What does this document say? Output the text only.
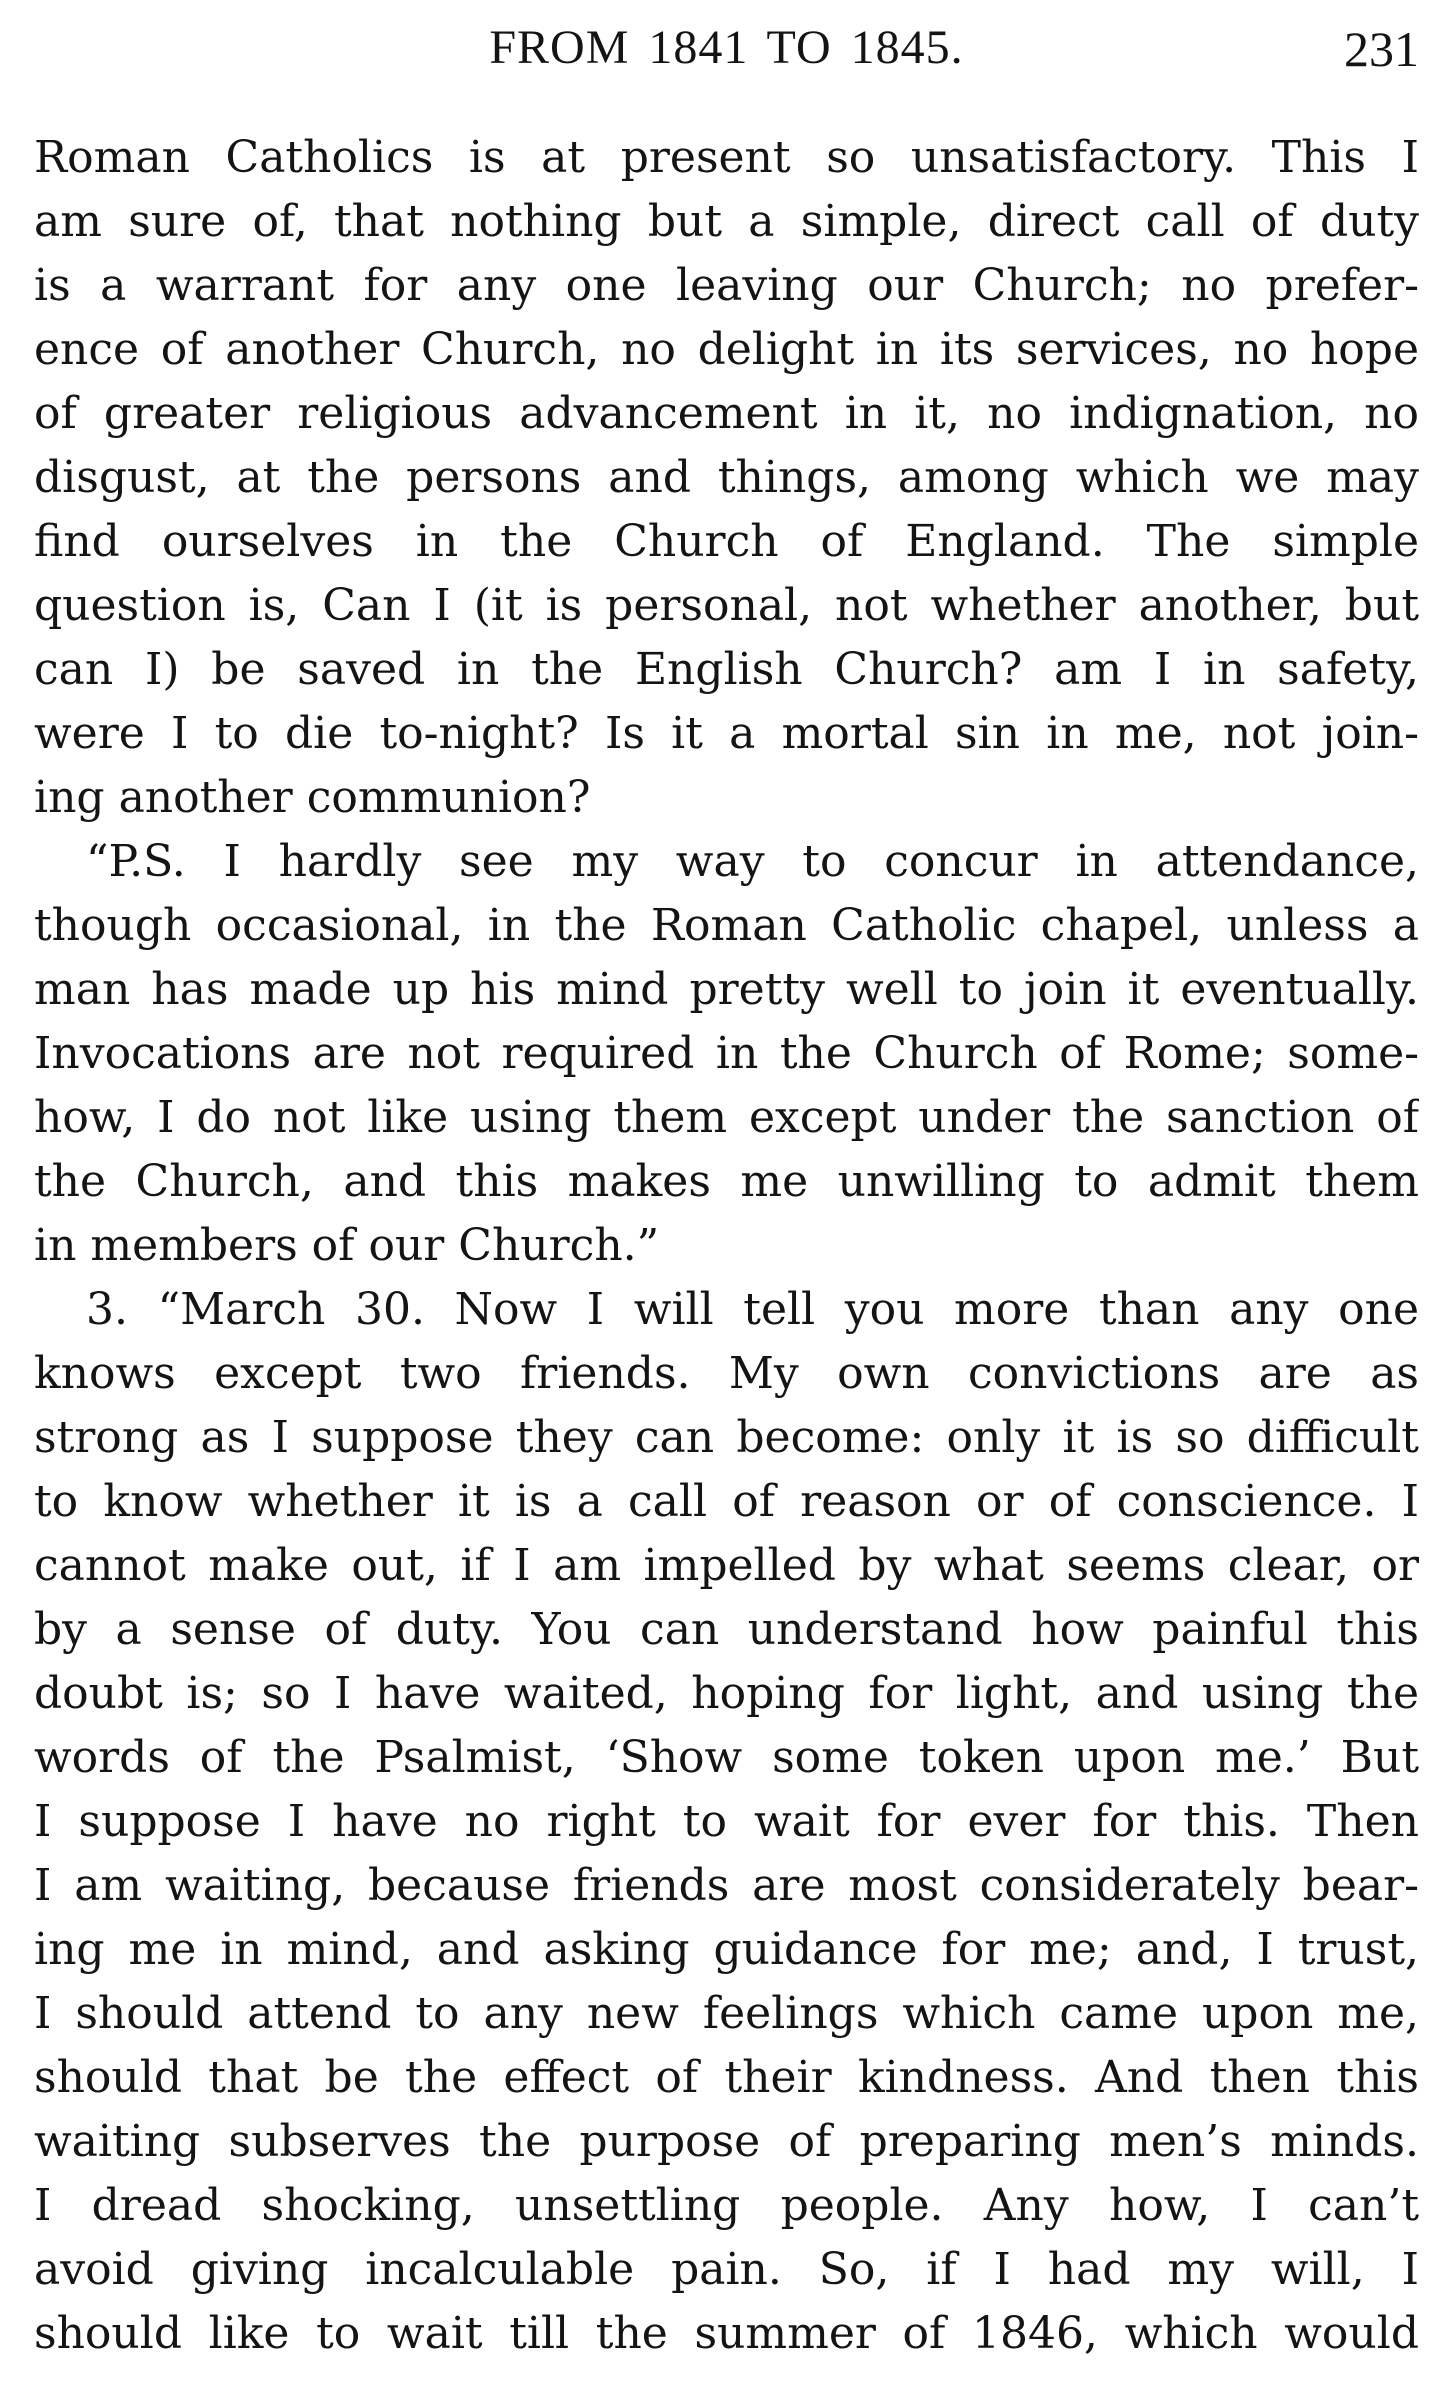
FROM 1841 TO 1845.	231
Roman Catholics is at present so unsatisfactory. This I
am sure of, that nothing but a simple, direct call of duty
is a warrant for any one leaving our Church; no prefer-
ence of another Church, no delight in its services, no hope
of greater religious advancement in it, no indignation, no
disgust, at the persons and things, among which we may
find ourselves in the Church of England. The simple
question is, Can I (it is personal, not whether another, but
can I) be saved in the English Church? am I in safety,
were I to die to-night? Is it a mortal sin in me, not join-
ing another communion?
“P.S. I hardly see my way to concur in attendance,
though occasional, in the Roman Catholic chapel, unless a
man has made up his mind pretty well to join it eventually.
Invocations are not required in the Church of Rome; some-
how, I do not like using them except under the sanction of
the Church, and this makes me unwilling to admit them
in members of our Church.”
3. “March 30. Now I will tell you more than any one
knows except two friends. My own convictions are as
strong as I suppose they can become: only it is so difficult
to know whether it is a call of reason or of conscience. I
cannot make out, if I am impelled by what seems clear, or
by a sense of duty. You can understand how painful this
doubt is; so I have waited, hoping for light, and using the
words of the Psalmist, ‘Show some token upon me.’ But
I suppose I have no right to wait for ever for this. Then
I am waiting, because friends are most considerately bear-
ing me in mind, and asking guidance for me; and, I trust,
I should attend to any new feelings which came upon me,
should that be the effect of their kindness. And then this
waiting subserves the purpose of preparing men’s minds.
I dread shocking, unsettling people. Any how, I can’t
avoid giving incalculable pain. So, if I had my will, I
should like to wait till the summer of 1846, which would
